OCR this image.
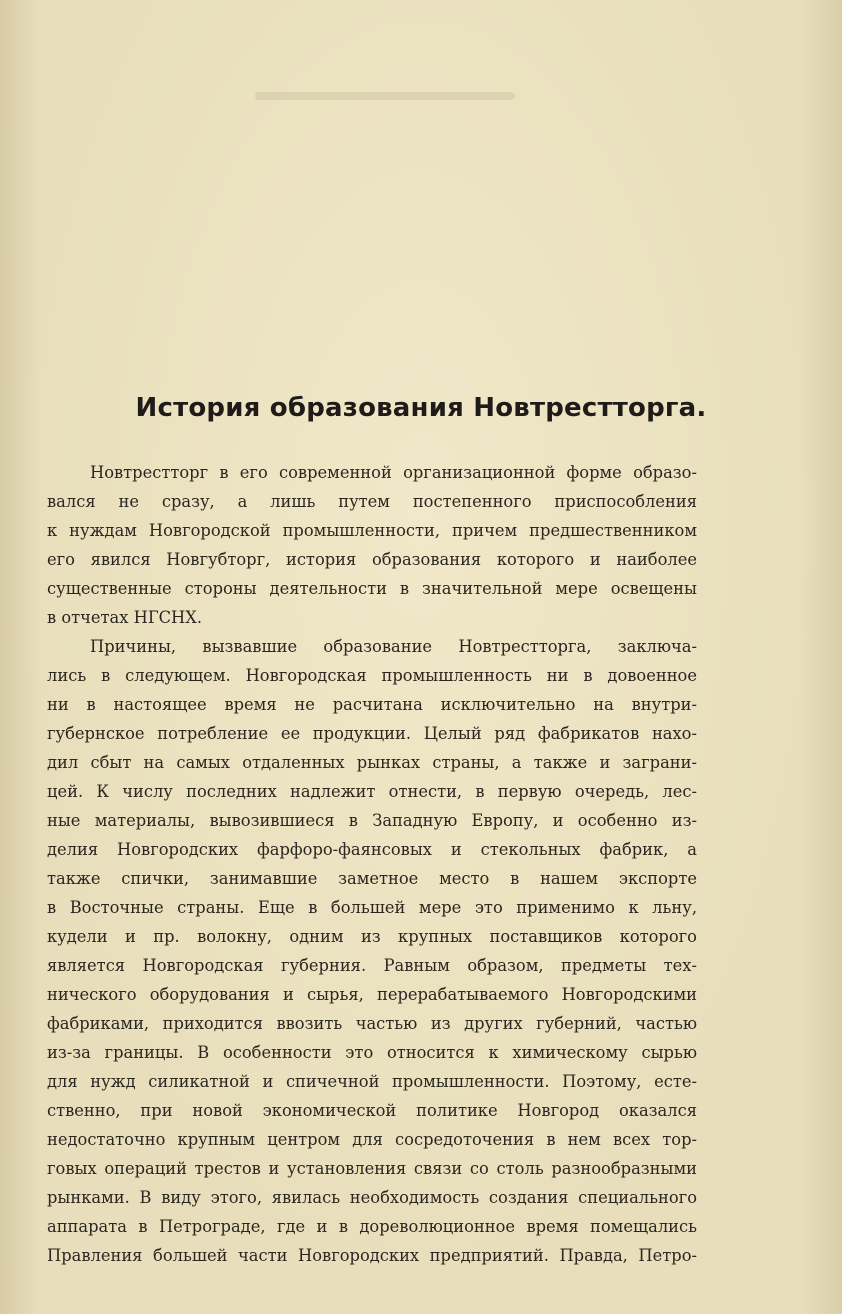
История образования Новтрестторга.
Новтрестторг в его современной организационной форме образо-
вался не сразу, а лишь путем постепенного приспособления
к нуждам Новгородской промышленности, причем предшественником
его явился Новгубторг, история образования которого и наиболее
существенные стороны деятельности в значительной мере освещены
в отчетах НГСНХ.
Причины, вызвавшие образование Новтрестторга, заключа-
лись в следующем. Новгородская промышленность ни в довоенное
ни в настоящее время не расчитана исключительно на внутри-
губернское потребление ее продукции. Целый ряд фабрикатов нахо-
дил сбыт на самых отдаленных рынках страны, а также и заграни-
цей. К числу последних надлежит отнести, в первую очередь, лес-
ные материалы, вывозившиеся в Западную Европу, и особенно из-
делия Новгородских фарфоро-фаянсовых и стекольных фабрик, а
также спички, занимавшие заметное место в нашем экспорте
в Восточные страны. Еще в большей мере это применимо к льну,
кудели и пр. волокну, одним из крупных поставщиков которого
является Новгородская губерния. Равным образом, предметы тех-
нического оборудования и сырья, перерабатываемого Новгородскими
фабриками, приходится ввозить частью из других губерний, частью
из-за границы. В особенности это относится к химическому сырью
для нужд силикатной и спичечной промышленности. Поэтому, есте-
ственно, при новой экономической политике Новгород оказался
недостаточно крупным центром для сосредоточения в нем всех тор-
говых операций трестов и установления связи со столь разнообразными
рынками. В виду этого, явилась необходимость создания специального
аппарата в Петрограде, где и в дореволюционное время помещались
Правления большей части Новгородских предприятий. Правда, Петро-
